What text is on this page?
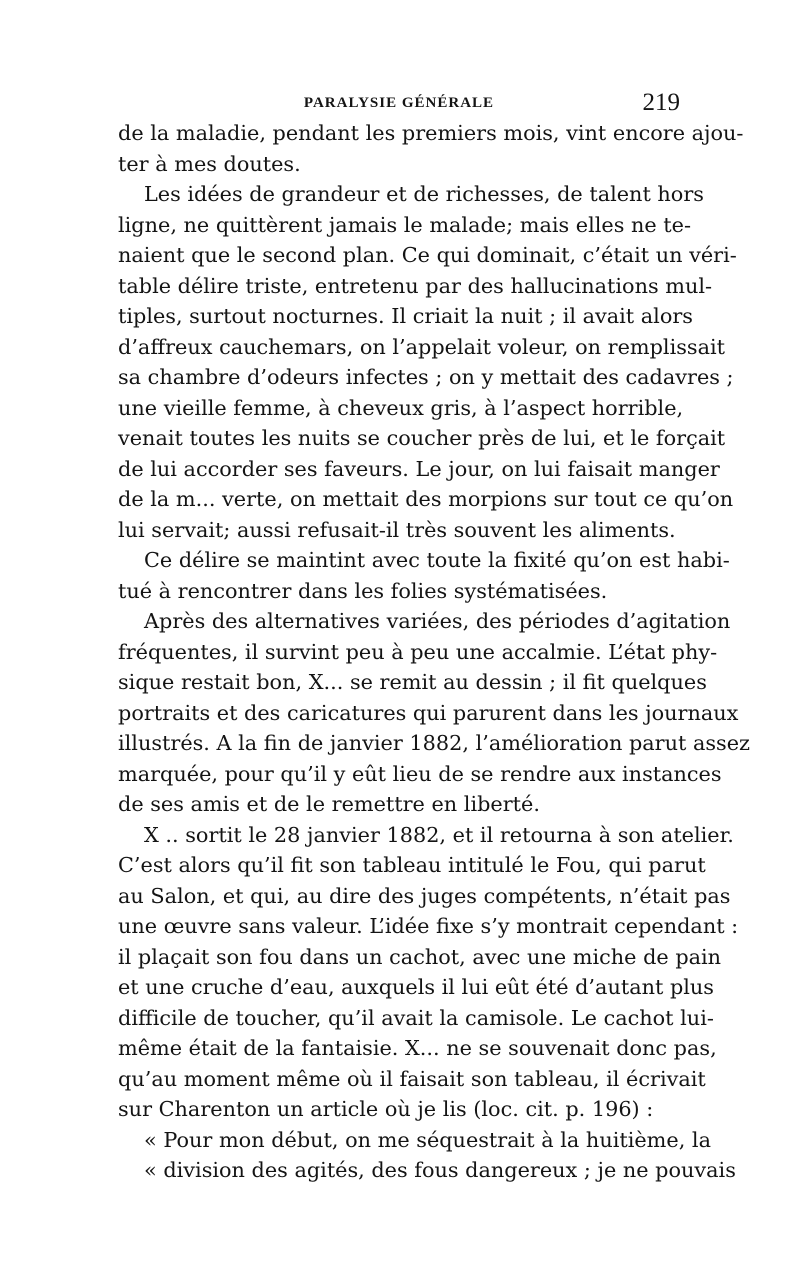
PARALYSIE GÉNÉRALE	219
de la maladie, pendant les premiers mois, vint encore ajou-
ter à mes doutes.
Les idées de grandeur et de richesses, de talent hors
ligne, ne quittèrent jamais le malade; mais elles ne te-
naient que le second plan. Ce qui dominait, c’était un véri-
table délire triste, entretenu par des hallucinations mul-
tiples, surtout nocturnes. Il criait la nuit ; il avait alors
d’affreux cauchemars, on l’appelait voleur, on remplissait
sa chambre d’odeurs infectes ; on y mettait des cadavres ;
une vieille femme, à cheveux gris, à l’aspect horrible,
venait toutes les nuits se coucher près de lui, et le forçait
de lui accorder ses faveurs. Le jour, on lui faisait manger
de la m... verte, on mettait des morpions sur tout ce qu’on
lui servait; aussi refusait-il très souvent les aliments.
Ce délire se maintint avec toute la fixité qu’on est habi-
tué à rencontrer dans les folies systématisées.
Après des alternatives variées, des périodes d’agitation
fréquentes, il survint peu à peu une accalmie. L’état phy-
sique restait bon, X... se remit au dessin ; il fit quelques
portraits et des caricatures qui parurent dans les journaux
illustrés. A la fin de janvier 1882, l’amélioration parut assez
marquée, pour qu’il y eût lieu de se rendre aux instances
de ses amis et de le remettre en liberté.
X .. sortit le 28 janvier 1882, et il retourna à son atelier.
C’est alors qu’il fit son tableau intitulé le Fou, qui parut
au Salon, et qui, au dire des juges compétents, n’était pas
une œuvre sans valeur. L’idée fixe s’y montrait cependant :
il plaçait son fou dans un cachot, avec une miche de pain
et une cruche d’eau, auxquels il lui eût été d’autant plus
difficile de toucher, qu’il avait la camisole. Le cachot lui-
même était de la fantaisie. X... ne se souvenait donc pas,
qu’au moment même où il faisait son tableau, il écrivait
sur Charenton un article où je lis (loc. cit. p. 196) :
« Pour mon début, on me séquestrait à la huitième, la
« division des agités, des fous dangereux ; je ne pouvais
